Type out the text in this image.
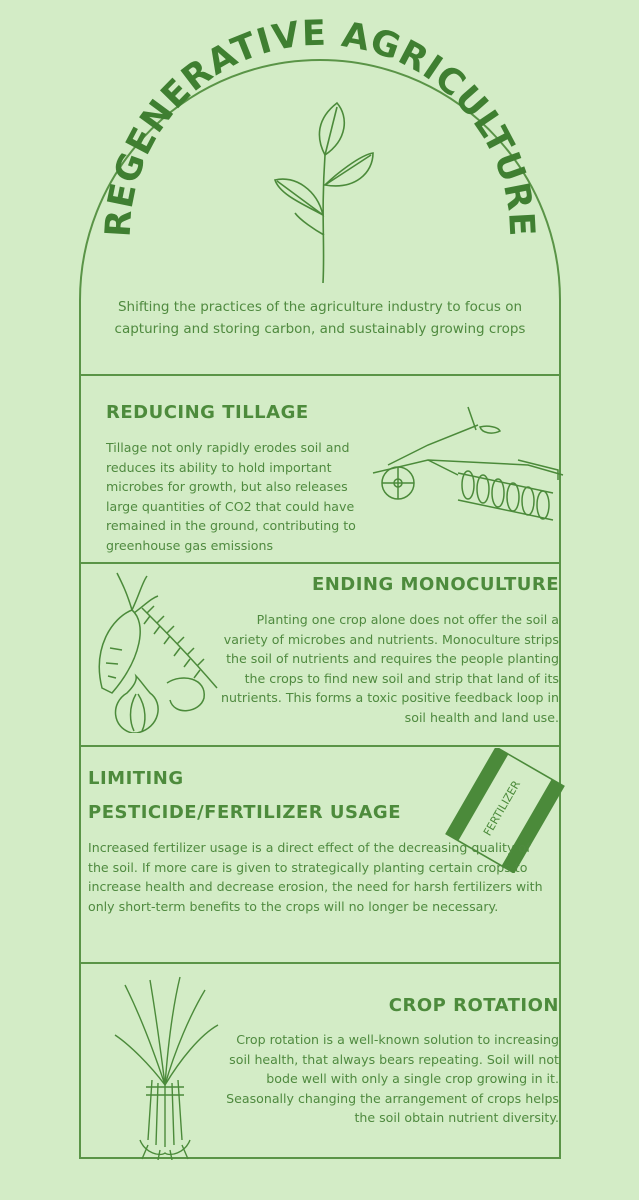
REGENERATIVE AGRICULTURE

Shifting the practices of the agriculture industry to focus on capturing and storing carbon, and sustainably growing crops

REDUCING TILLAGE

Tillage not only rapidly erodes soil and reduces its ability to hold important microbes for growth, but also releases large quantities of CO2 that could have remained in the ground, contributing to greenhouse gas emissions

ENDING MONOCULTURE

Planting one crop alone does not offer the soil a variety of microbes and nutrients. Monoculture strips the soil of nutrients and requires the people planting the crops to find new soil and strip that land of its nutrients. This forms a toxic positive feedback loop in soil health and land use.

LIMITING
PESTICIDE/FERTILIZER USAGE	FERTILIZER

Increased fertilizer usage is a direct effect of the decreasing quality of the soil. If more care is given to strategically planting certain crops to increase health and decrease erosion, the need for harsh fertilizers with only short-term benefits to the crops will no longer be necessary.

CROP ROTATION

Crop rotation is a well-known solution to increasing soil health, that always bears repeating. Soil will not bode well with only a single crop growing in it. Seasonally changing the arrangement of crops helps the soil obtain nutrient diversity.
